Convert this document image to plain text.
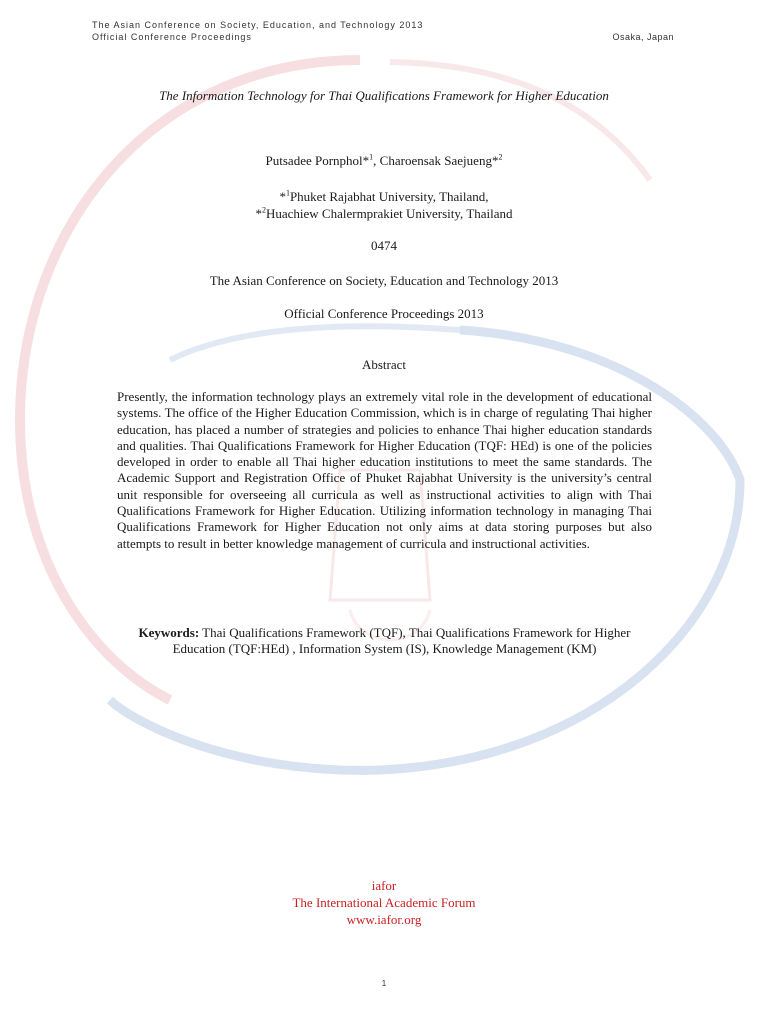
The Asian Conference on Society, Education, and Technology 2013
Official Conference Proceedings	Osaka, Japan
The Information Technology for Thai Qualifications Framework for Higher Education
Putsadee Pornphol*$^1$, Charoensak Saejueng*$^2$
*$^1$Phuket Rajabhat University, Thailand,
*$^2$Huachiew Chalermprakiet University, Thailand
0474
The Asian Conference on Society, Education and Technology 2013
Official Conference Proceedings 2013
Abstract
Presently, the information technology plays an extremely vital role in the development of educational systems. The office of the Higher Education Commission, which is in charge of regulating Thai higher education, has placed a number of strategies and policies to enhance Thai higher education standards and qualities. Thai Qualifications Framework for Higher Education (TQF: HEd) is one of the policies developed in order to enable all Thai higher education institutions to meet the same standards. The Academic Support and Registration Office of Phuket Rajabhat University is the university’s central unit responsible for overseeing all curricula as well as instructional activities to align with Thai Qualifications Framework for Higher Education. Utilizing information technology in managing Thai Qualifications Framework for Higher Education not only aims at data storing purposes but also attempts to result in better knowledge management of curricula and instructional activities.
Keywords: Thai Qualifications Framework (TQF), Thai Qualifications Framework for Higher Education (TQF:HEd) , Information System (IS), Knowledge Management (KM)
iafor
The International Academic Forum
www.iafor.org
1
